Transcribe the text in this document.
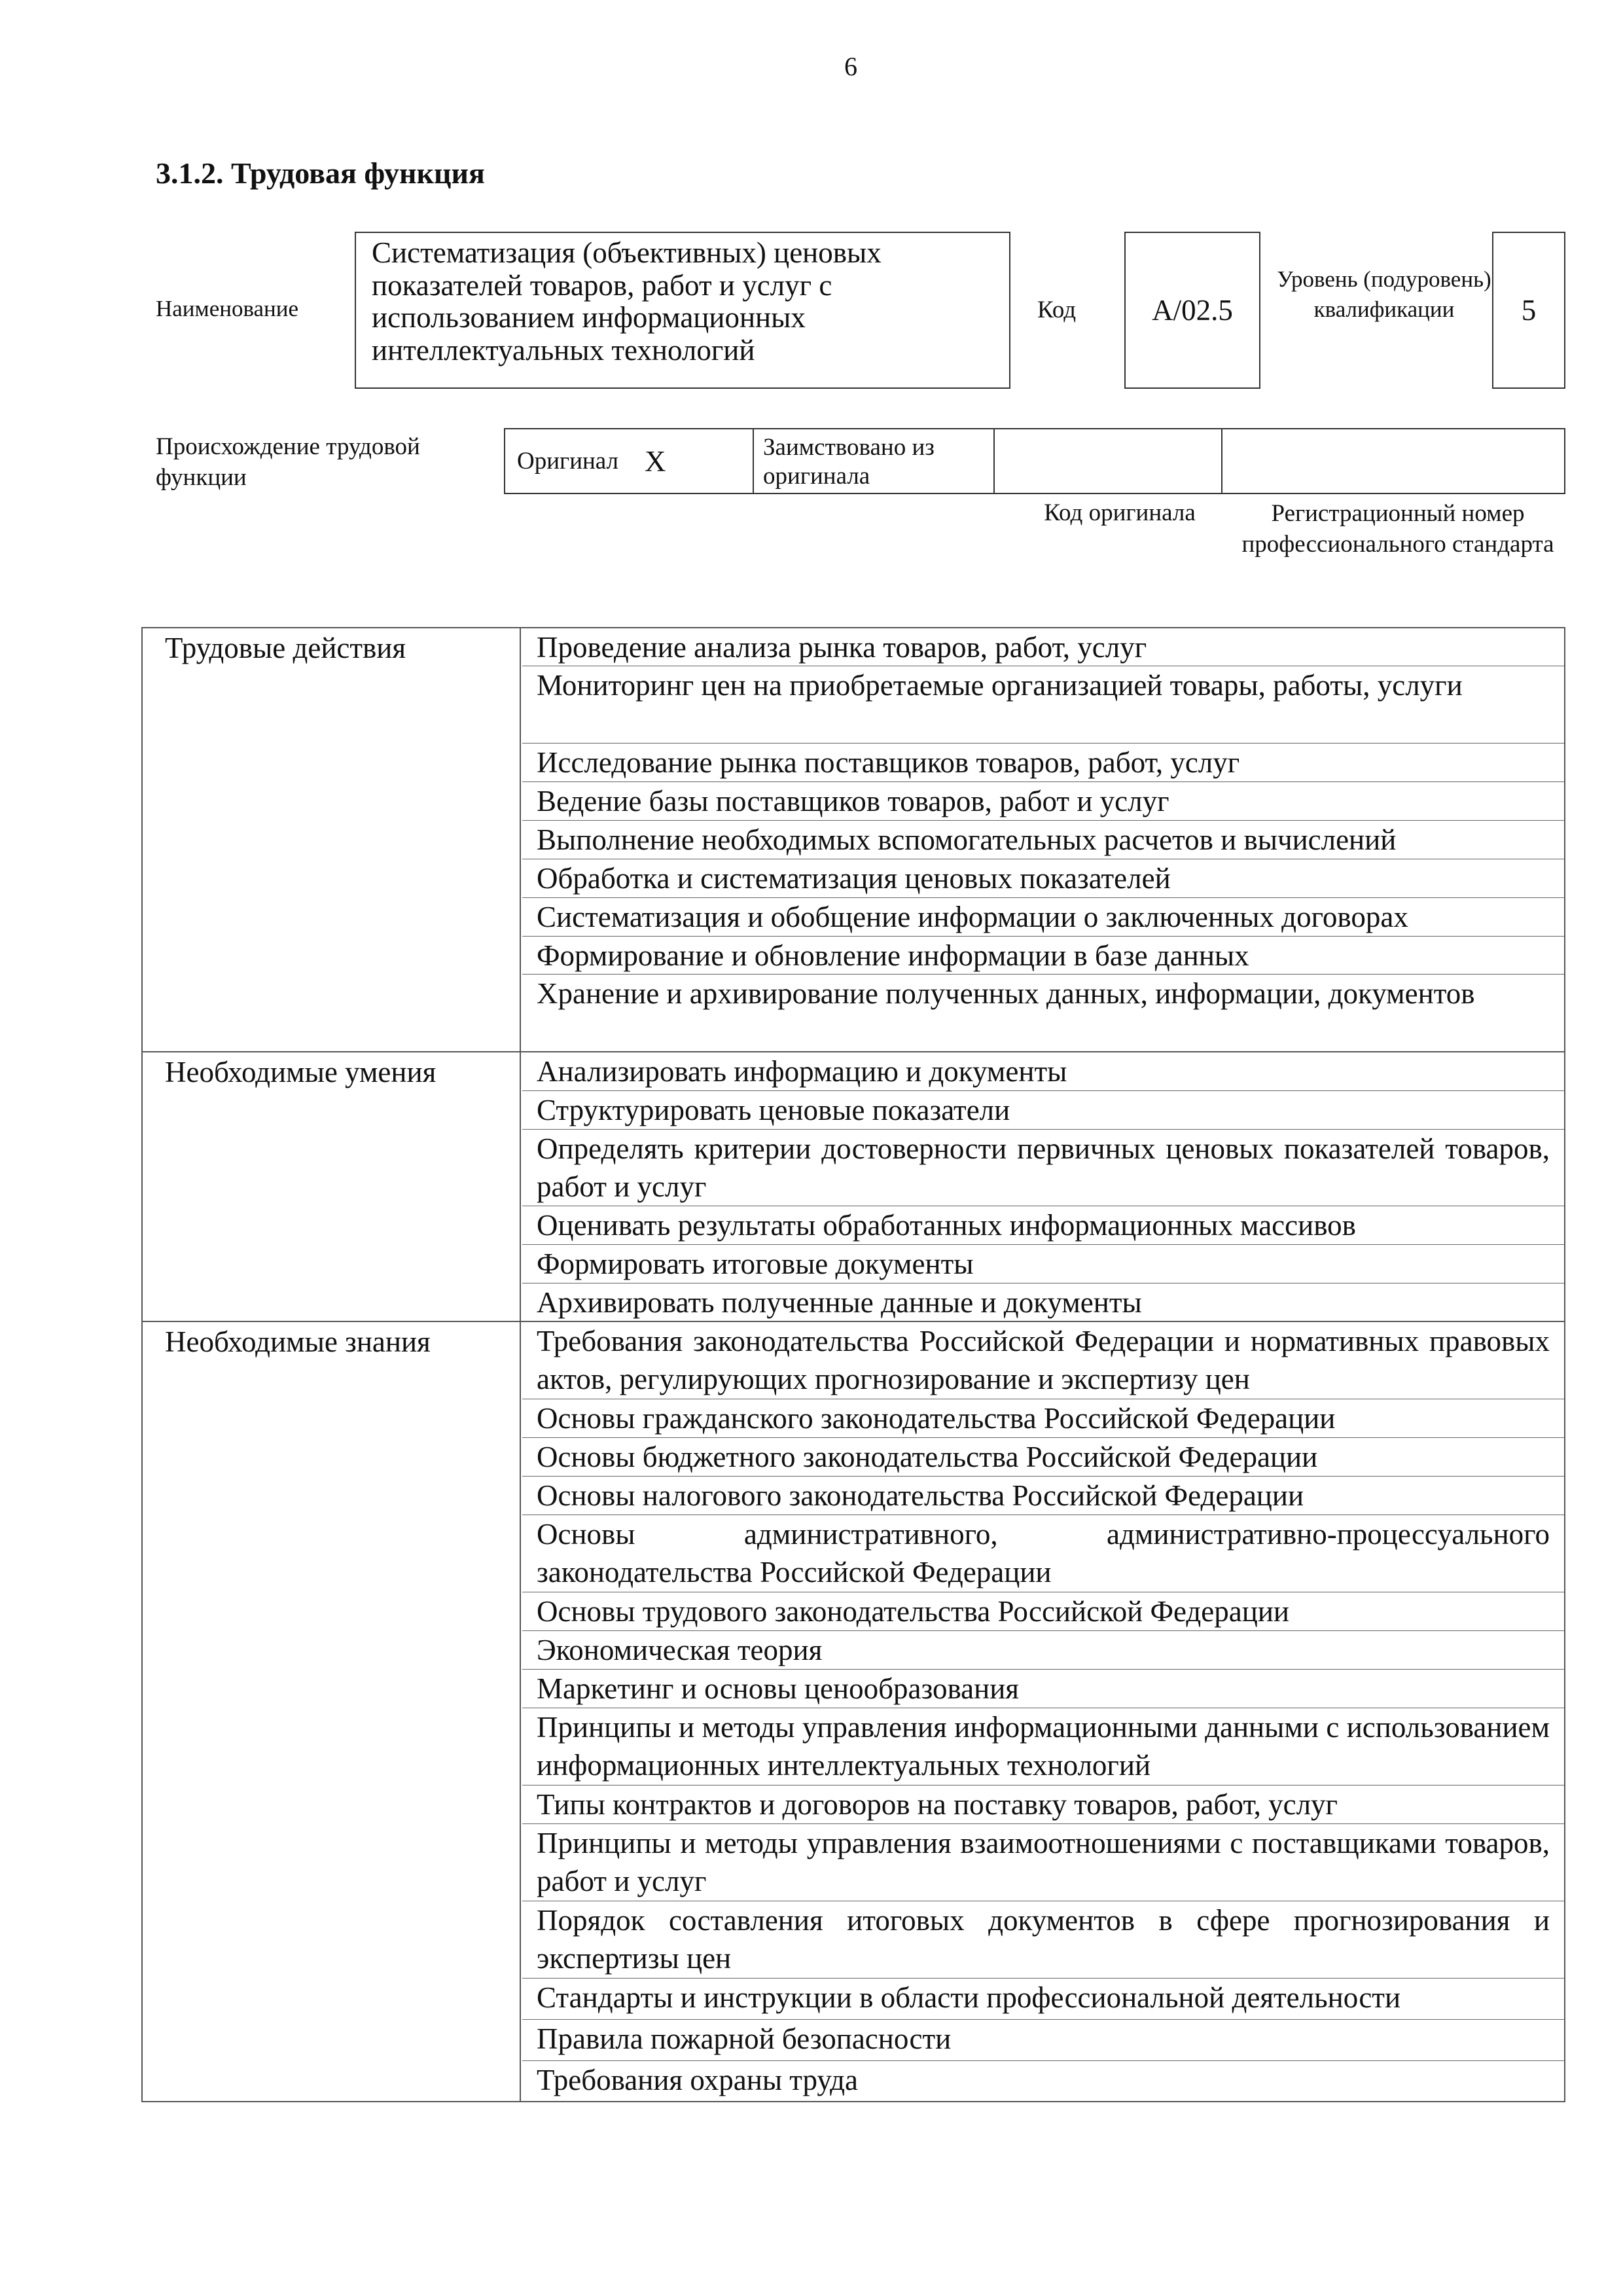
6
3.1.2. Трудовая функция
Наименование
Систематизация (объективных) ценовых показателей товаров, работ и услуг с использованием информационных интеллектуальных технологий
Код	А/02.5
Уровень (подуровень) квалификации	5
Происхождение трудовой функции
Оригинал X	Заимствовано из оригинала
Код оригинала	Регистрационный номер профессионального стандарта
Трудовые действия	Проведение анализа рынка товаров, работ, услуг
Мониторинг цен на приобретаемые организацией товары, работы, услуги
Исследование рынка поставщиков товаров, работ, услуг
Ведение базы поставщиков товаров, работ и услуг
Выполнение необходимых вспомогательных расчетов и вычислений
Обработка и систематизация ценовых показателей
Систематизация и обобщение информации о заключенных договорах
Формирование и обновление информации в базе данных
Хранение и архивирование полученных данных, информации, документов
Необходимые умения	Анализировать информацию и документы
Структурировать ценовые показатели
Определять критерии достоверности первичных ценовых показателей товаров, работ и услуг
Оценивать результаты обработанных информационных массивов
Формировать итоговые документы
Архивировать полученные данные и документы
Необходимые знания	Требования законодательства Российской Федерации и нормативных правовых актов, регулирующих прогнозирование и экспертизу цен
Основы гражданского законодательства Российской Федерации
Основы бюджетного законодательства Российской Федерации
Основы налогового законодательства Российской Федерации
Основы административного, административно-процессуального законодательства Российской Федерации
Основы трудового законодательства Российской Федерации
Экономическая теория
Маркетинг и основы ценообразования
Принципы и методы управления информационными данными с использованием информационных интеллектуальных технологий
Типы контрактов и договоров на поставку товаров, работ, услуг
Принципы и методы управления взаимоотношениями с поставщиками товаров, работ и услуг
Порядок составления итоговых документов в сфере прогнозирования и экспертизы цен
Стандарты и инструкции в области профессиональной деятельности
Правила пожарной безопасности
Требования охраны труда
